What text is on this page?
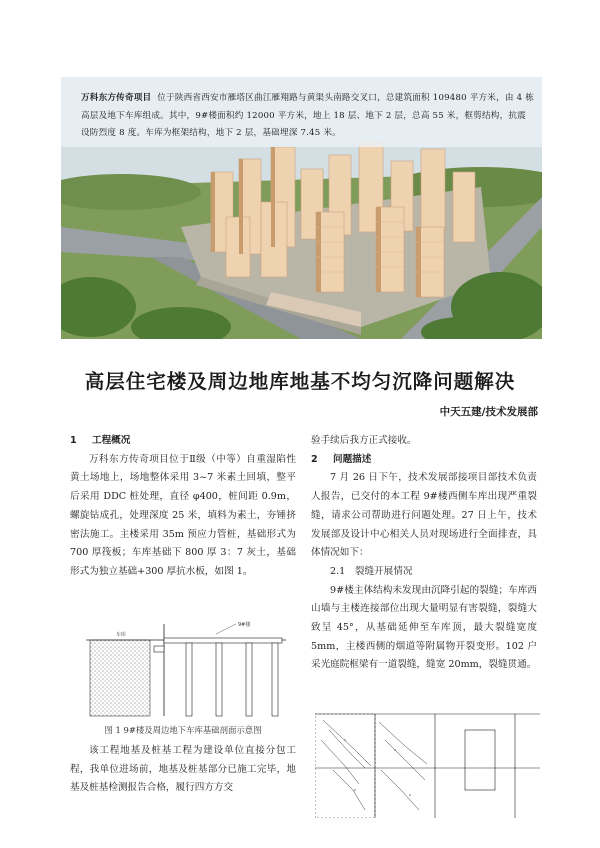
万科东方传奇项目 位于陕西省西安市雁塔区曲江雁翔路与黄渠头南路交叉口，总建筑面积 109480 平方米，由 4 栋高层及地下车库组成。其中，9#楼面积约 12000 平方米，地上 18 层、地下 2 层，总高 55 米，框剪结构，抗震设防烈度 8 度。车库为框架结构，地下 2 层，基础埋深 7.45 米。
高层住宅楼及周边地库地基不均匀沉降问题解决
中天五建/技术发展部
1 工程概况

万科东方传奇项目位于Ⅱ级（中等）自重湿陷性黄土场地上，场地整体采用 3~7 米素土回填，整平后采用 DDC 桩处理，直径 φ400，桩间距 0.9m，螺旋钻成孔，处理深度 25 米，填料为素土，夯锤挤密法施工。主楼采用 35m 预应力管桩，基础形式为 700 厚筏板；车库基础下 800 厚 3：7 灰土，基础形式为独立基础+300 厚抗水板，如图 1。

9#楼
车库
图 1 9#楼及周边地下车库基础剖面示意图

该工程地基及桩基工程为建设单位直接分包工程，我单位进场前，地基及桩基部分已施工完毕，地基及桩基检测报告合格，履行四方方交

验手续后我方正式接收。

2 问题描述

7 月 26 日下午，技术发展部接项目部技术负责人报告，已交付的本工程 9#楼西侧车库出现严重裂缝，请求公司帮助进行问题处理。27 日上午，技术发展部及设计中心相关人员对现场进行全面排查，具体情况如下：

2.1　裂缝开展情况

9#楼主体结构未发现由沉降引起的裂缝；车库西山墙与主楼连接部位出现大量明显有害裂缝，裂缝大致呈 45°，从基础延伸至车库顶，最大裂缝宽度 5mm，主楼西侧的烟道等附属物开裂变形。102 户采光庭院框梁有一道裂缝，缝宽 20mm，裂缝贯通。
